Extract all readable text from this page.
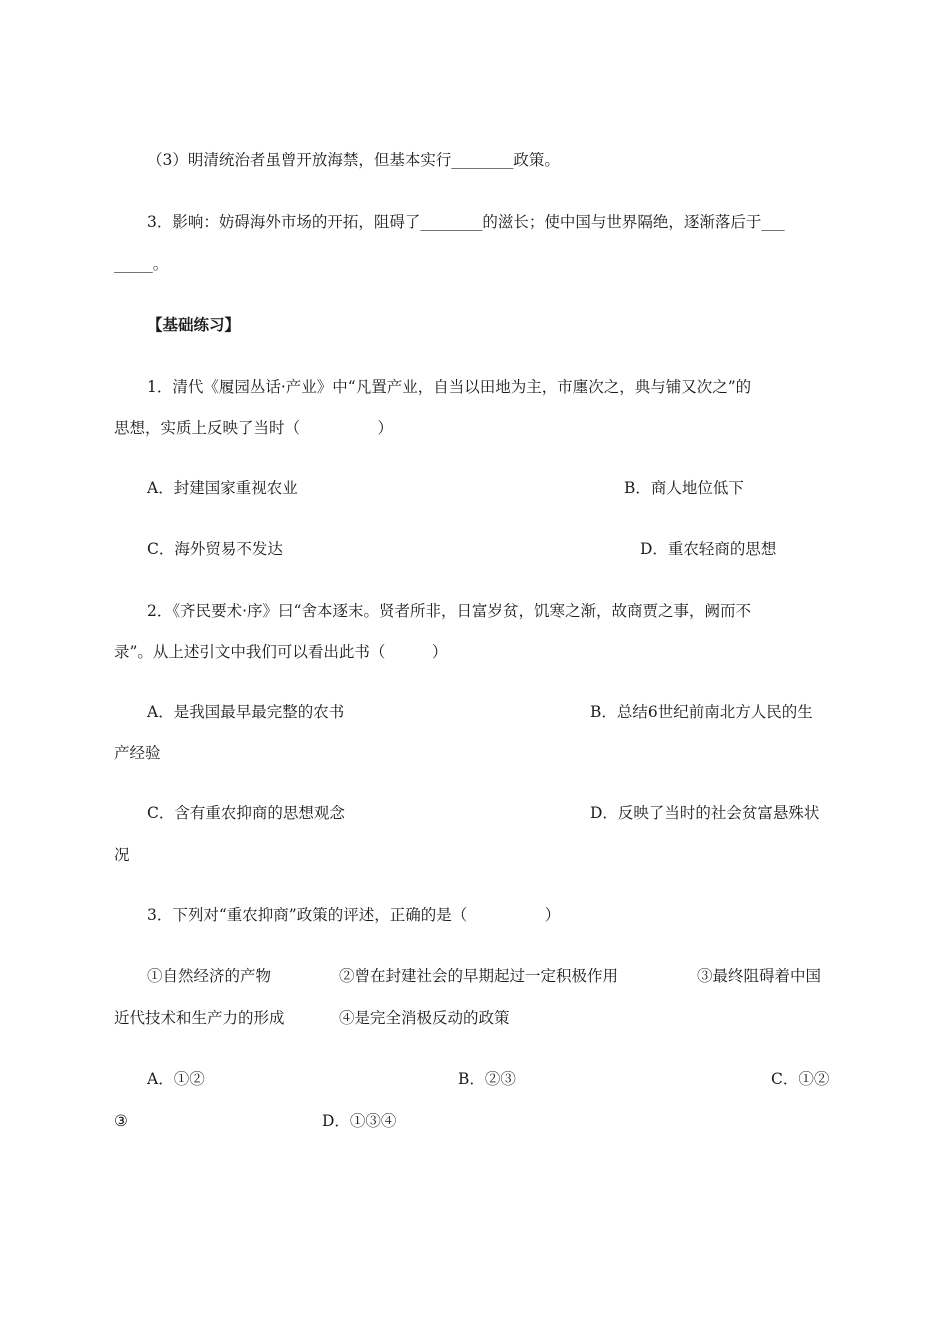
（3）明清统治者虽曾开放海禁，但基本实行________政策。
3．影响：妨碍海外市场的开拓，阻碍了________的滋长；使中国与世界隔绝，逐渐落后于___
_____。
【基础练习】
1．清代《履园丛话·产业》中“凡置产业，自当以田地为主，市廛次之，典与铺又次之”的
思想，实质上反映了当时（　　　　　）
A．封建国家重视农业	B．商人地位低下
C．海外贸易不发达	D．重农轻商的思想
2．《齐民要术·序》曰“舍本逐末。贤者所非，日富岁贫，饥寒之渐，故商贾之事，阙而不
录”。从上述引文中我们可以看出此书（　　　）
A．是我国最早最完整的农书	B．总结6世纪前南北方人民的生
产经验
C．含有重农抑商的思想观念	D．反映了当时的社会贫富悬殊状
况
3．下列对“重农抑商”政策的评述，正确的是（　　　　　）
①自然经济的产物	②曾在封建社会的早期起过一定积极作用	③最终阻碍着中国
近代技术和生产力的形成	④是完全消极反动的政策
A．①②	B．②③	C．①②
③	D．①③④
